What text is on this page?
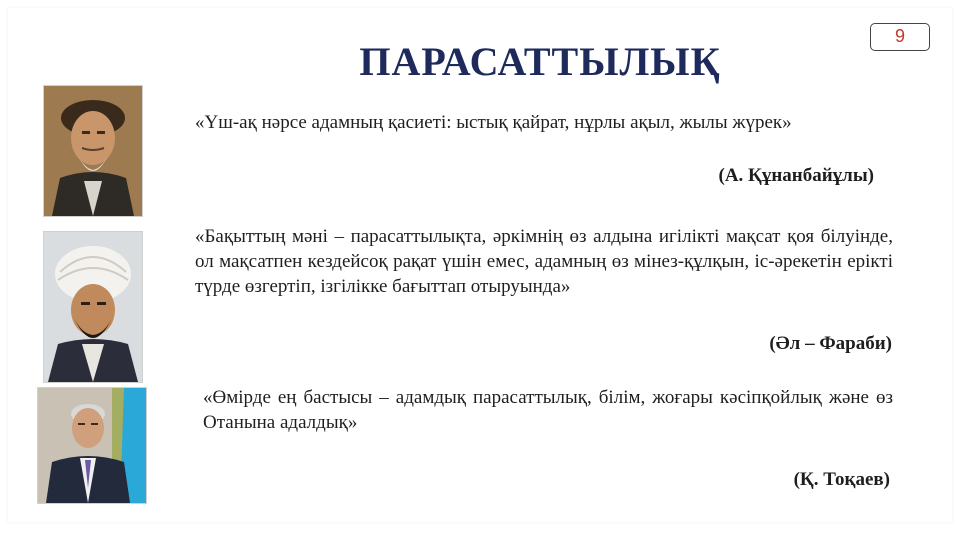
ПАРАСАТТЫЛЫҚ
9
«Үш-ақ нәрсе адамның қасиеті: ыстық қайрат, нұрлы ақыл, жылы жүрек»
(А. Құнанбайұлы)
«Бақыттың мәні – парасаттылықта, әркімнің өз алдына игілікті мақсат қоя білуінде, ол мақсатпен кездейсоқ рақат үшін емес, адамның өз мінез-құлқын, іс-әрекетін ерікті түрде өзгертіп, ізгілікке бағыттап отыруында»
(Әл – Фараби)
«Өмірде ең бастысы – адамдық парасаттылық, білім, жоғары кәсіпқойлық және өз Отанына адалдық»
(Қ. Тоқаев)
